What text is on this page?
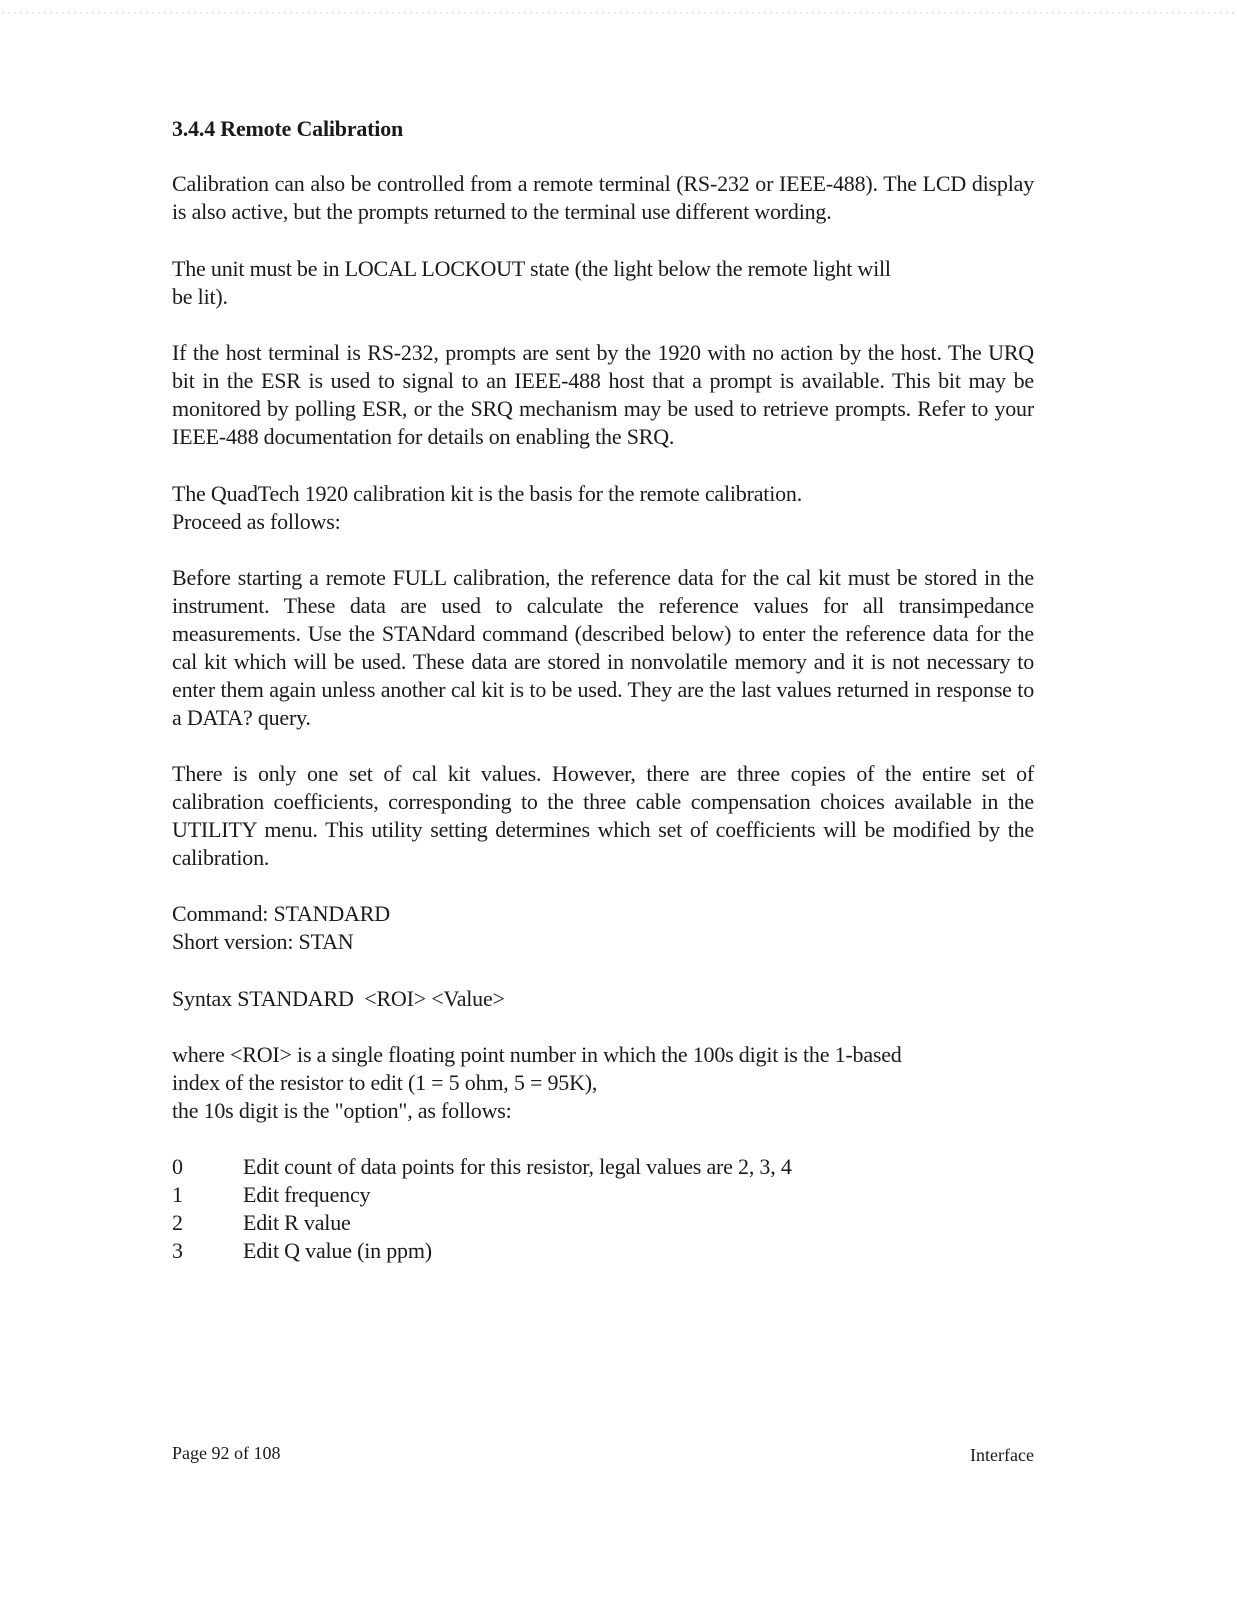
3.4.4 Remote Calibration

Calibration can also be controlled from a remote terminal (RS-232 or IEEE-488). The LCD display is also active, but the prompts returned to the terminal use different wording.

The unit must be in LOCAL LOCKOUT state (the light below the remote light will
be lit).

If the host terminal is RS-232, prompts are sent by the 1920 with no action by the host. The URQ bit in the ESR is used to signal to an IEEE-488 host that a prompt is available. This bit may be monitored by polling ESR, or the SRQ mechanism may be used to retrieve prompts. Refer to your IEEE-488 documentation for details on enabling the SRQ.

The QuadTech 1920 calibration kit is the basis for the remote calibration.
Proceed as follows:

Before starting a remote FULL calibration, the reference data for the cal kit must be stored in the instrument. These data are used to calculate the reference values for all transimpedance measurements. Use the STANdard command (described below) to enter the reference data for the cal kit which will be used. These data are stored in nonvolatile memory and it is not necessary to enter them again unless another cal kit is to be used. They are the last values returned in response to a DATA? query.

There is only one set of cal kit values. However, there are three copies of the entire set of calibration coefficients, corresponding to the three cable compensation choices available in the UTILITY menu. This utility setting determines which set of coefficients will be modified by the calibration.

Command: STANDARD
Short version: STAN

Syntax STANDARD  <ROI> <Value>

where <ROI> is a single floating point number in which the 100s digit is the 1-based
index of the resistor to edit (1 = 5 ohm, 5 = 95K),
the 10s digit is the "option", as follows:

0	Edit count of data points for this resistor, legal values are 2, 3, 4
1	Edit frequency
2	Edit R value
3	Edit Q value (in ppm)
Page 92 of 108	Interface
